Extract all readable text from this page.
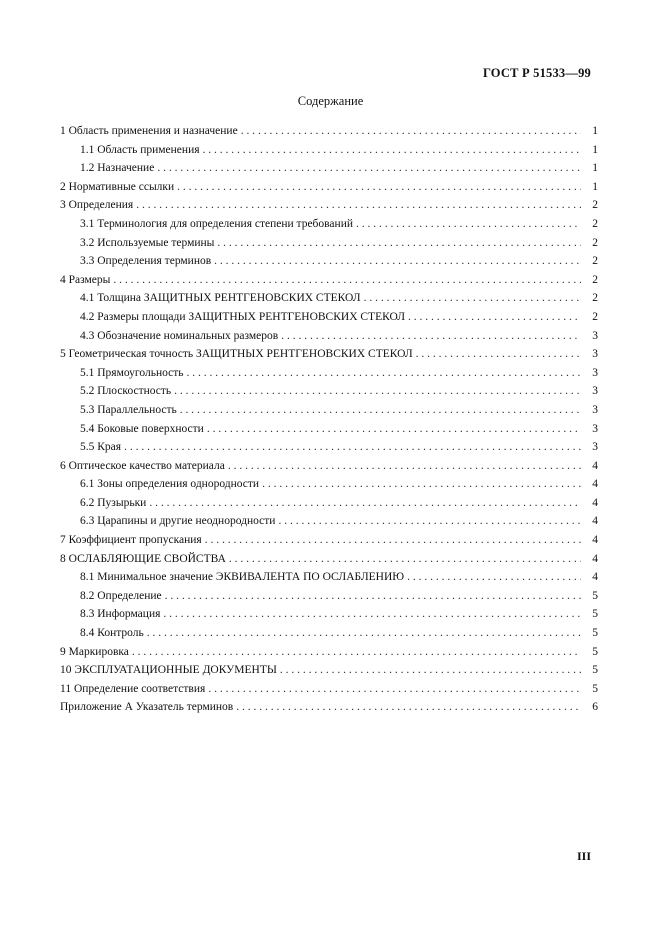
ГОСТ Р 51533—99
Содержание
1 Область применения и назначение . . .	1
1.1 Область применения . . .	1
1.2 Назначение . . .	1
2 Нормативные ссылки . . .	1
3 Определения . . .	2
3.1 Терминология для определения степени требований . . .	2
3.2 Используемые термины . . .	2
3.3 Определения терминов . . .	2
4 Размеры . . .	2
4.1 Толщина ЗАЩИТНЫХ РЕНТГЕНОВСКИХ СТЕКОЛ . . .	2
4.2 Размеры площади ЗАЩИТНЫХ РЕНТГЕНОВСКИХ СТЕКОЛ . . .	2
4.3 Обозначение номинальных размеров . . .	3
5 Геометрическая точность ЗАЩИТНЫХ РЕНТГЕНОВСКИХ СТЕКОЛ . . .	3
5.1 Прямоугольность . . .	3
5.2 Плоскостность . . .	3
5.3 Параллельность . . .	3
5.4 Боковые поверхности . . .	3
5.5 Края . . .	3
6 Оптическое качество материала . . .	4
6.1 Зоны определения однородности . . .	4
6.2 Пузырьки . . .	4
6.3 Царапины и другие неоднородности . . .	4
7 Коэффициент пропускания . . .	4
8 ОСЛАБЛЯЮЩИЕ СВОЙСТВА . . .	4
8.1 Минимальное значение ЭКВИВАЛЕНТА ПО ОСЛАБЛЕНИЮ . . .	4
8.2 Определение . . .	5
8.3 Информация . . .	5
8.4 Контроль . . .	5
9 Маркировка . . .	5
10 ЭКСПЛУАТАЦИОННЫЕ ДОКУМЕНТЫ . . .	5
11 Определение соответствия . . .	5
Приложение А Указатель терминов . . .	6
III
